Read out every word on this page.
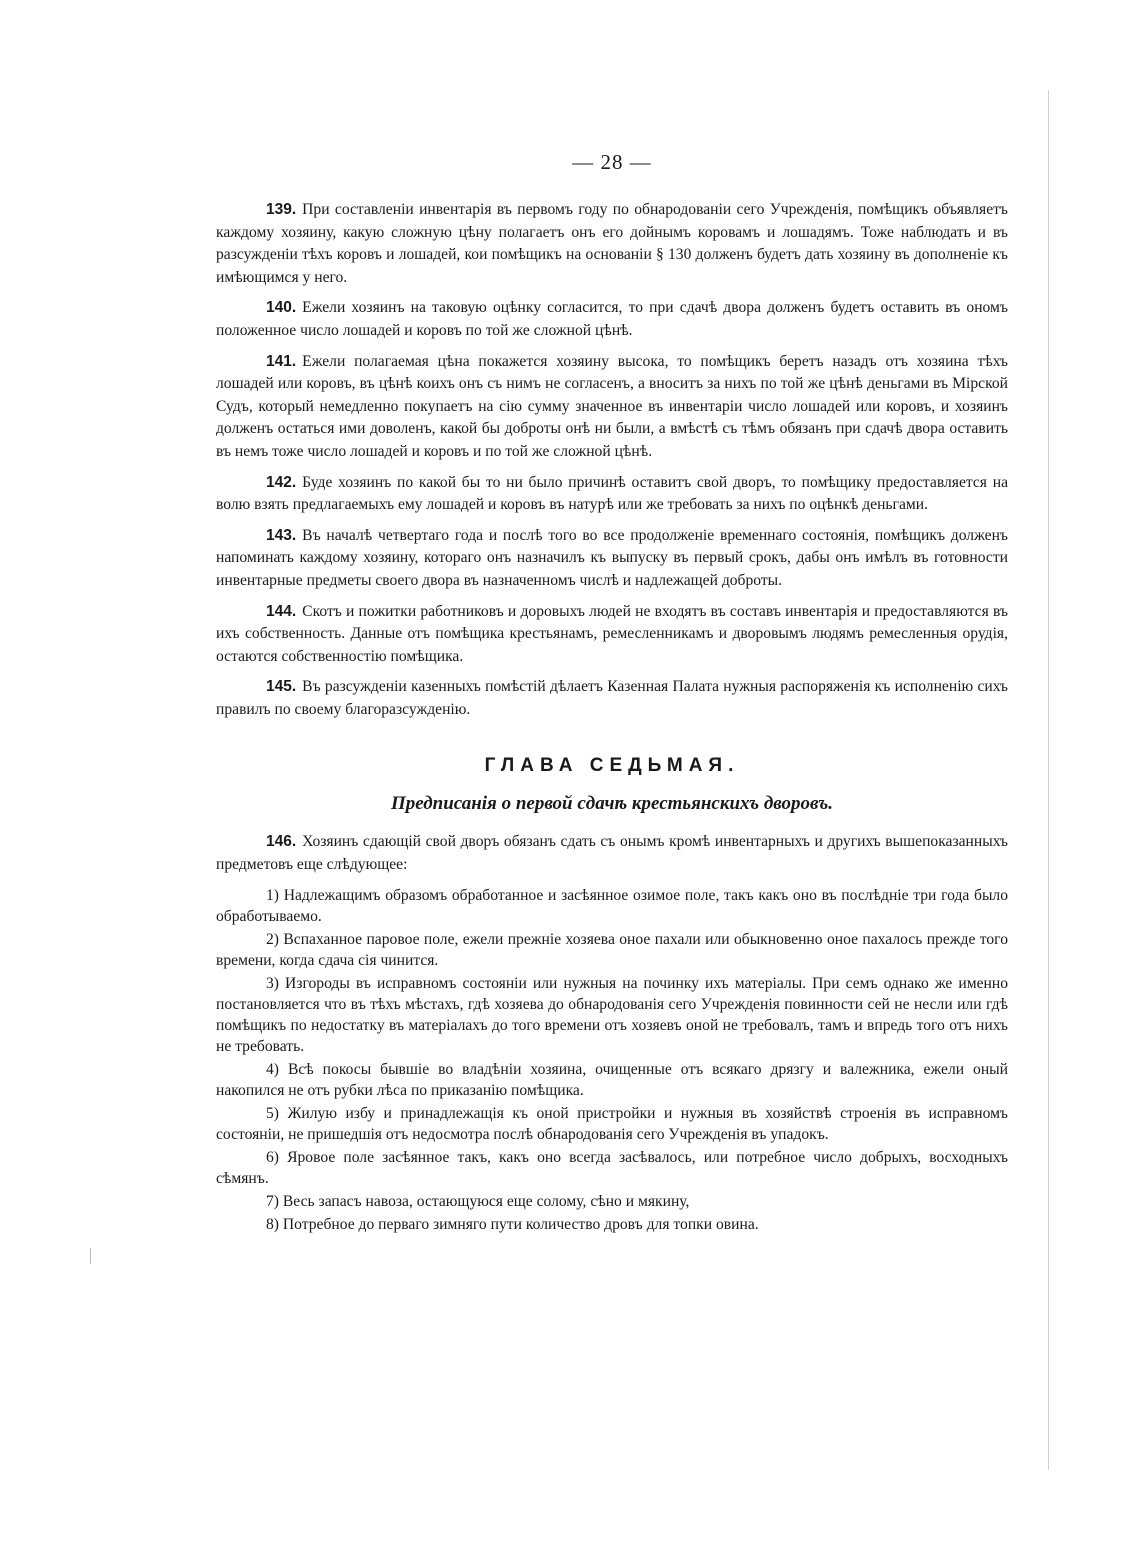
— 28 —

139. При составленіи инвентарія въ первомъ году по обнародованіи сего Учрежденія, помѣщикъ объявляетъ каждому хозяину, какую сложную цѣну полагаетъ онъ его дойнымъ коровамъ и лошадямъ. Тоже наблюдать и въ разсужденіи тѣхъ коровъ и лошадей, кои помѣщикъ на основаніи § 130 долженъ будетъ дать хозяину въ дополненіе къ имѣющимся у него.

140. Ежели хозяинъ на таковую оцѣнку согласится, то при сдачѣ двора долженъ будетъ оставить въ ономъ положенное число лошадей и коровъ по той же сложной цѣнѣ.

141. Ежели полагаемая цѣна покажется хозяину высока, то помѣщикъ беретъ назадъ отъ хозяина тѣхъ лошадей или коровъ, въ цѣнѣ коихъ онъ съ нимъ не согласенъ, а вноситъ за нихъ по той же цѣнѣ деньгами въ Мірской Судъ, который немедленно покупаетъ на сію сумму значенное въ инвентаріи число лошадей или коровъ, и хозяинъ долженъ остаться ими доволенъ, какой бы доброты онѣ ни были, а вмѣстѣ съ тѣмъ обязанъ при сдачѣ двора оставить въ немъ тоже число лошадей и коровъ и по той же сложной цѣнѣ.

142. Буде хозяинъ по какой бы то ни было причинѣ оставитъ свой дворъ, то помѣщику предоставляется на волю взять предлагаемыхъ ему лошадей и коровъ въ натурѣ или же требовать за нихъ по оцѣнкѣ деньгами.

143. Въ началѣ четвертаго года и послѣ того во все продолженіе временнаго состоянія, помѣщикъ долженъ напоминать каждому хозяину, котораго онъ назначилъ къ выпуску въ первый срокъ, дабы онъ имѣлъ въ готовности инвентарные предметы своего двора въ назначенномъ числѣ и надлежащей доброты.

144. Скотъ и пожитки работниковъ и доровыхъ людей не входятъ въ составъ инвентарія и предоставляются въ ихъ собственность. Данные отъ помѣщика крестьянамъ, ремесленникамъ и дворовымъ людямъ ремесленныя орудія, остаются собственностію помѣщика.

145. Въ разсужденіи казенныхъ помѣстій дѣлаетъ Казенная Палата нужныя распоряженія къ исполненію сихъ правилъ по своему благоразсужденію.

ГЛАВА СЕДЬМАЯ.
Предписанія о первой сдачѣ крестьянскихъ дворовъ.

146. Хозяинъ сдающій свой дворъ обязанъ сдать съ онымъ кромѣ инвентарныхъ и другихъ вышепоказанныхъ предметовъ еще слѣдующее:

1) Надлежащимъ образомъ обработанное и засѣянное озимое поле, такъ какъ оно въ послѣдніе три года было обработываемо.
2) Вспаханное паровое поле, ежели прежніе хозяева оное пахали или обыкновенно оное пахалось прежде того времени, когда сдача сія чинится.
3) Изгороды въ исправномъ состояніи или нужныя на починку ихъ матеріалы. При семъ однако же именно постановляется что въ тѣхъ мѣстахъ, гдѣ хозяева до обнародованія сего Учрежденія повинности сей не несли или гдѣ помѣщикъ по недостатку въ матеріалахъ до того времени отъ хозяевъ оной не требовалъ, тамъ и впредь того отъ нихъ не требовать.
4) Всѣ покосы бывшіе во владѣніи хозяина, очищенные отъ всякаго дрязгу и валежника, ежели оный накопился не отъ рубки лѣса по приказанію помѣщика.
5) Жилую избу и принадлежащія къ оной пристройки и нужныя въ хозяйствѣ строенія въ исправномъ состояніи, не пришедшія отъ недосмотра послѣ обнародованія сего Учрежденія въ упадокъ.
6) Яровое поле засѣянное такъ, какъ оно всегда засѣвалось, или потребное число добрыхъ, восходныхъ сѣмянъ.
7) Весь запасъ навоза, остающуюся еще солому, сѣно и мякину,
8) Потребное до перваго зимняго пути количество дровъ для топки овина.
